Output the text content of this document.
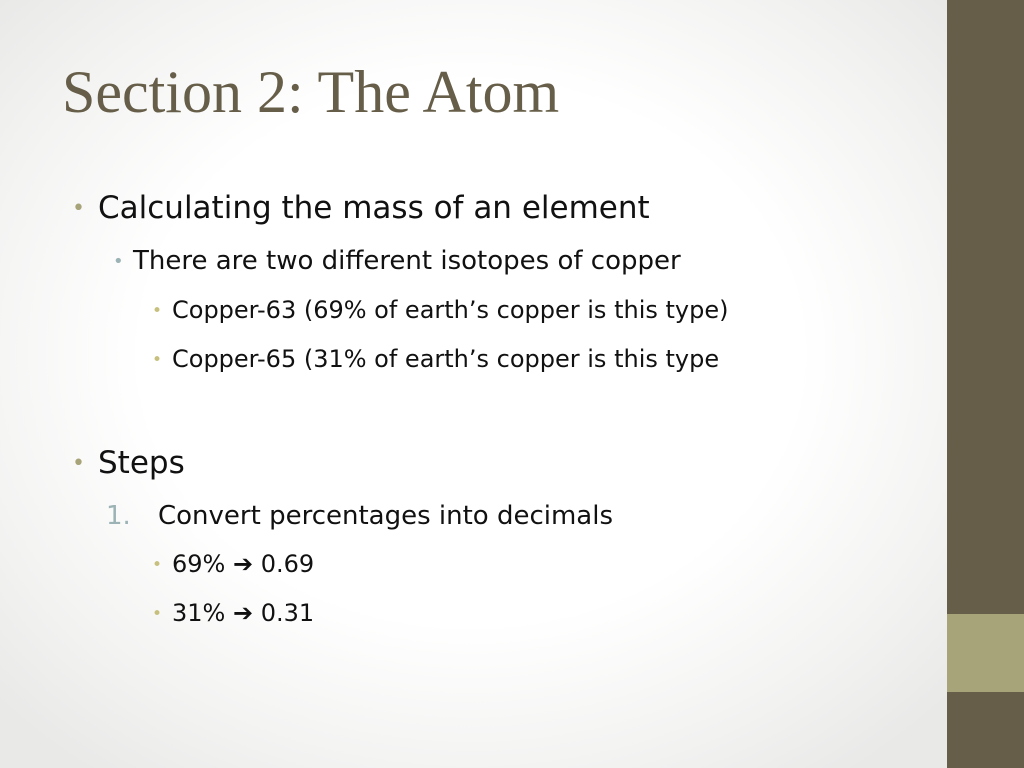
Section 2: The Atom
• Calculating the mass of an element
• There are two different isotopes of copper
• Copper-63 (69% of earth’s copper is this type)
• Copper-65 (31% of earth’s copper is this type
• Steps
1. Convert percentages into decimals
• 69% ➔ 0.69
• 31% ➔ 0.31
